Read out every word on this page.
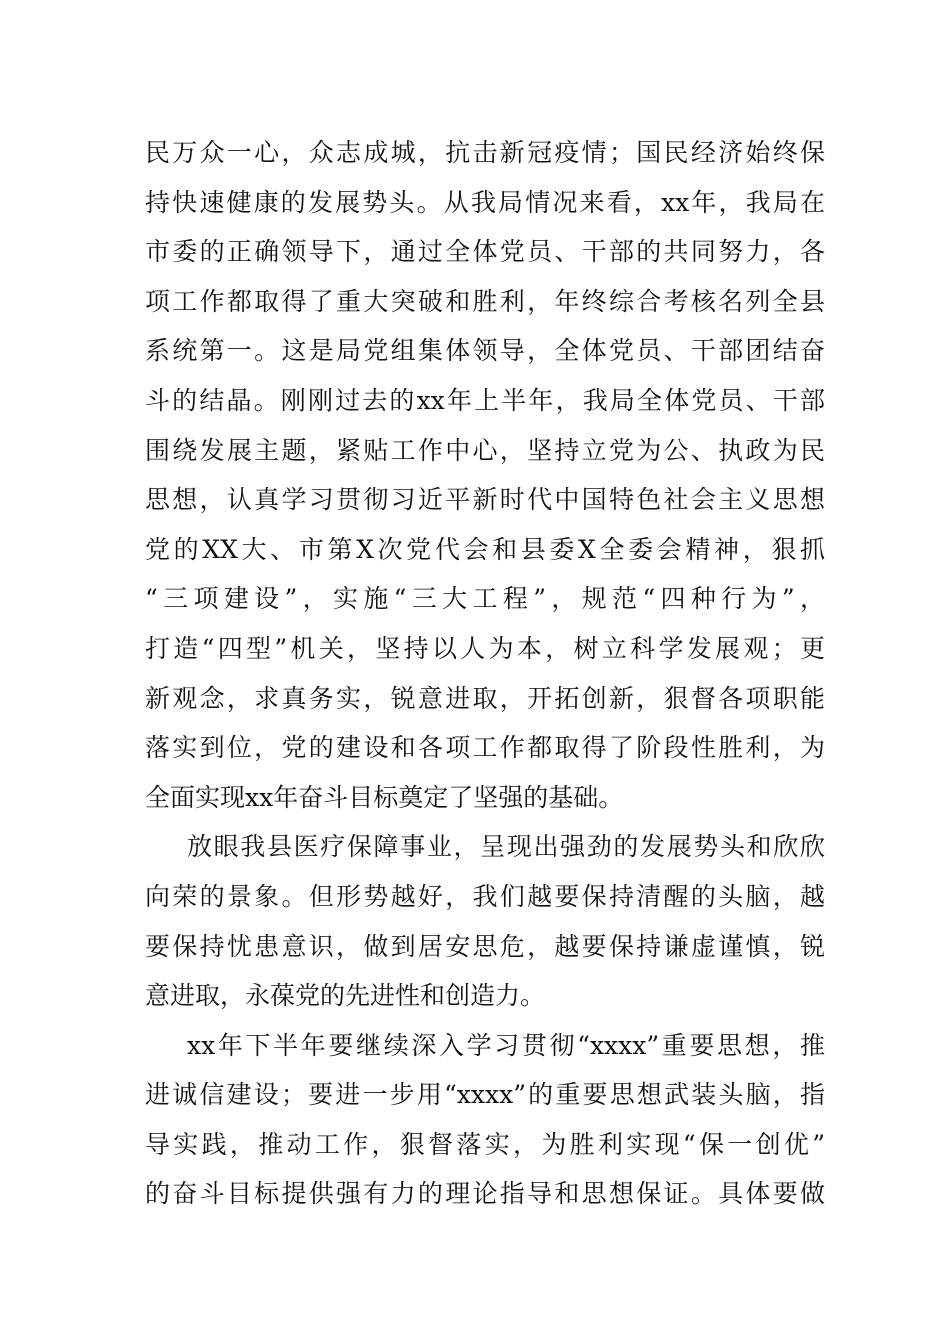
民万众一心，众志成城，抗击新冠疫情；国民经济始终保
持快速健康的发展势头。从我局情况来看，xx年，我局在
市委的正确领导下，通过全体党员、干部的共同努力，各
项工作都取得了重大突破和胜利，年终综合考核名列全县
系统第一。这是局党组集体领导，全体党员、干部团结奋
斗的结晶。刚刚过去的xx年上半年，我局全体党员、干部
围绕发展主题，紧贴工作中心，坚持立党为公、执政为民
思想，认真学习贯彻习近平新时代中国特色社会主义思想
党的XX大、市第X次党代会和县委X全委会精神，狠抓
“三项建设”，实施“三大工程”，规范“四种行为”，
打造“四型”机关，坚持以人为本，树立科学发展观；更
新观念，求真务实，锐意进取，开拓创新，狠督各项职能
落实到位，党的建设和各项工作都取得了阶段性胜利，为
全面实现xx年奋斗目标奠定了坚强的基础。
放眼我县医疗保障事业，呈现出强劲的发展势头和欣欣
向荣的景象。但形势越好，我们越要保持清醒的头脑，越
要保持忧患意识，做到居安思危，越要保持谦虚谨慎，锐
意进取，永葆党的先进性和创造力。
xx年下半年要继续深入学习贯彻“xxxx”重要思想，推
进诚信建设；要进一步用“xxxx”的重要思想武装头脑，指
导实践，推动工作，狠督落实，为胜利实现“保一创优”
的奋斗目标提供强有力的理论指导和思想保证。具体要做
